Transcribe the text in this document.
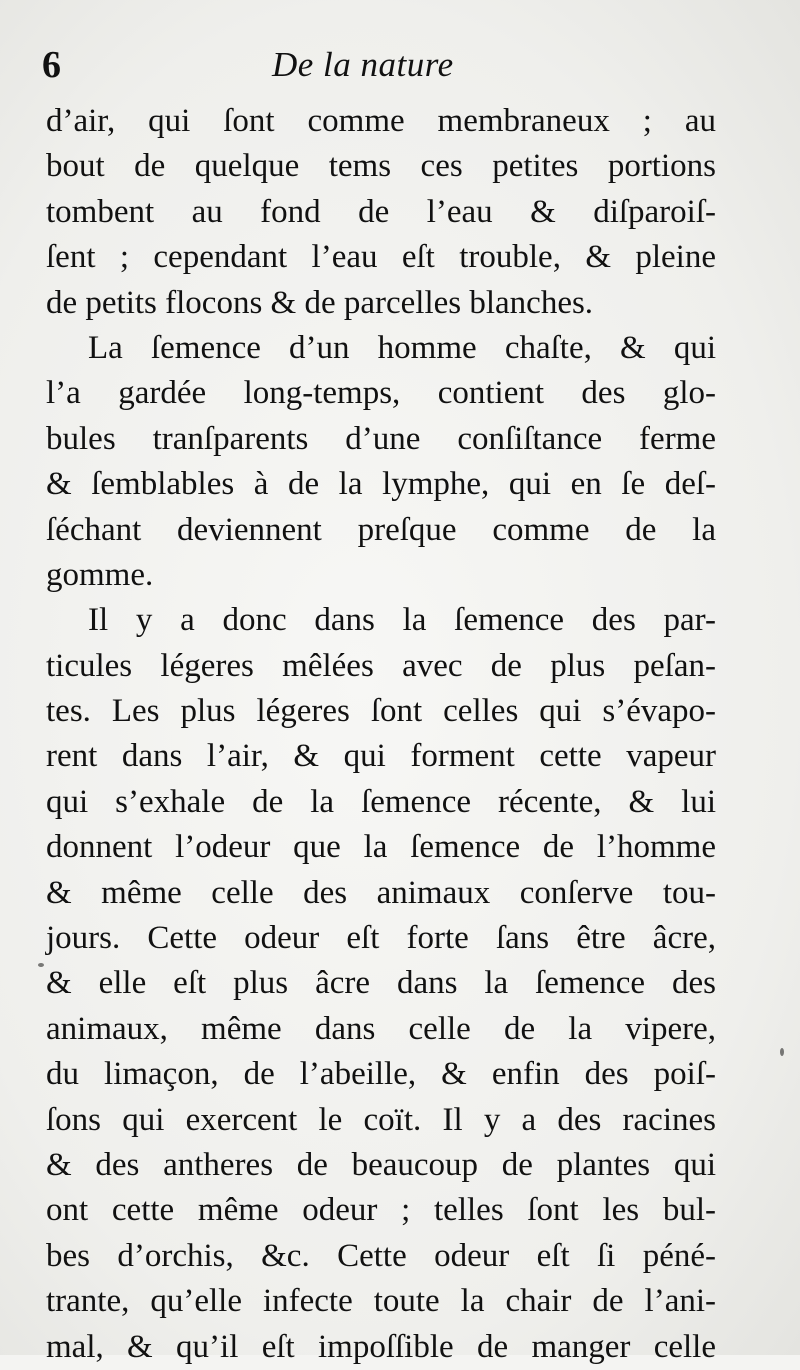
6	De la nature
d’air, qui ſont comme membraneux ; au
bout de quelque tems ces petites portions
tombent au fond de l’eau & diſparoiſ-
ſent ; cependant l’eau eſt trouble, & pleine
de petits flocons & de parcelles blanches.
La ſemence d’un homme chaſte, & qui
l’a gardée long-temps, contient des glo-
bules tranſparents d’une conſiſtance ferme
& ſemblables à de la lymphe, qui en ſe deſ-
ſéchant deviennent preſque comme de la
gomme.
Il y a donc dans la ſemence des par-
ticules légeres mêlées avec de plus peſan-
tes. Les plus légeres ſont celles qui s’évapo-
rent dans l’air, & qui forment cette vapeur
qui s’exhale de la ſemence récente, & lui
donnent l’odeur que la ſemence de l’homme
& même celle des animaux conſerve tou-
jours. Cette odeur eſt forte ſans être âcre,
& elle eſt plus âcre dans la ſemence des
animaux, même dans celle de la vipere,
du limaçon, de l’abeille, & enfin des poiſ-
ſons qui exercent le coït. Il y a des racines
& des antheres de beaucoup de plantes qui
ont cette même odeur ; telles ſont les bul-
bes d’orchis, &c. Cette odeur eſt ſi péné-
trante, qu’elle infecte toute la chair de l’ani-
mal, & qu’il eſt impoſſible de manger celle
